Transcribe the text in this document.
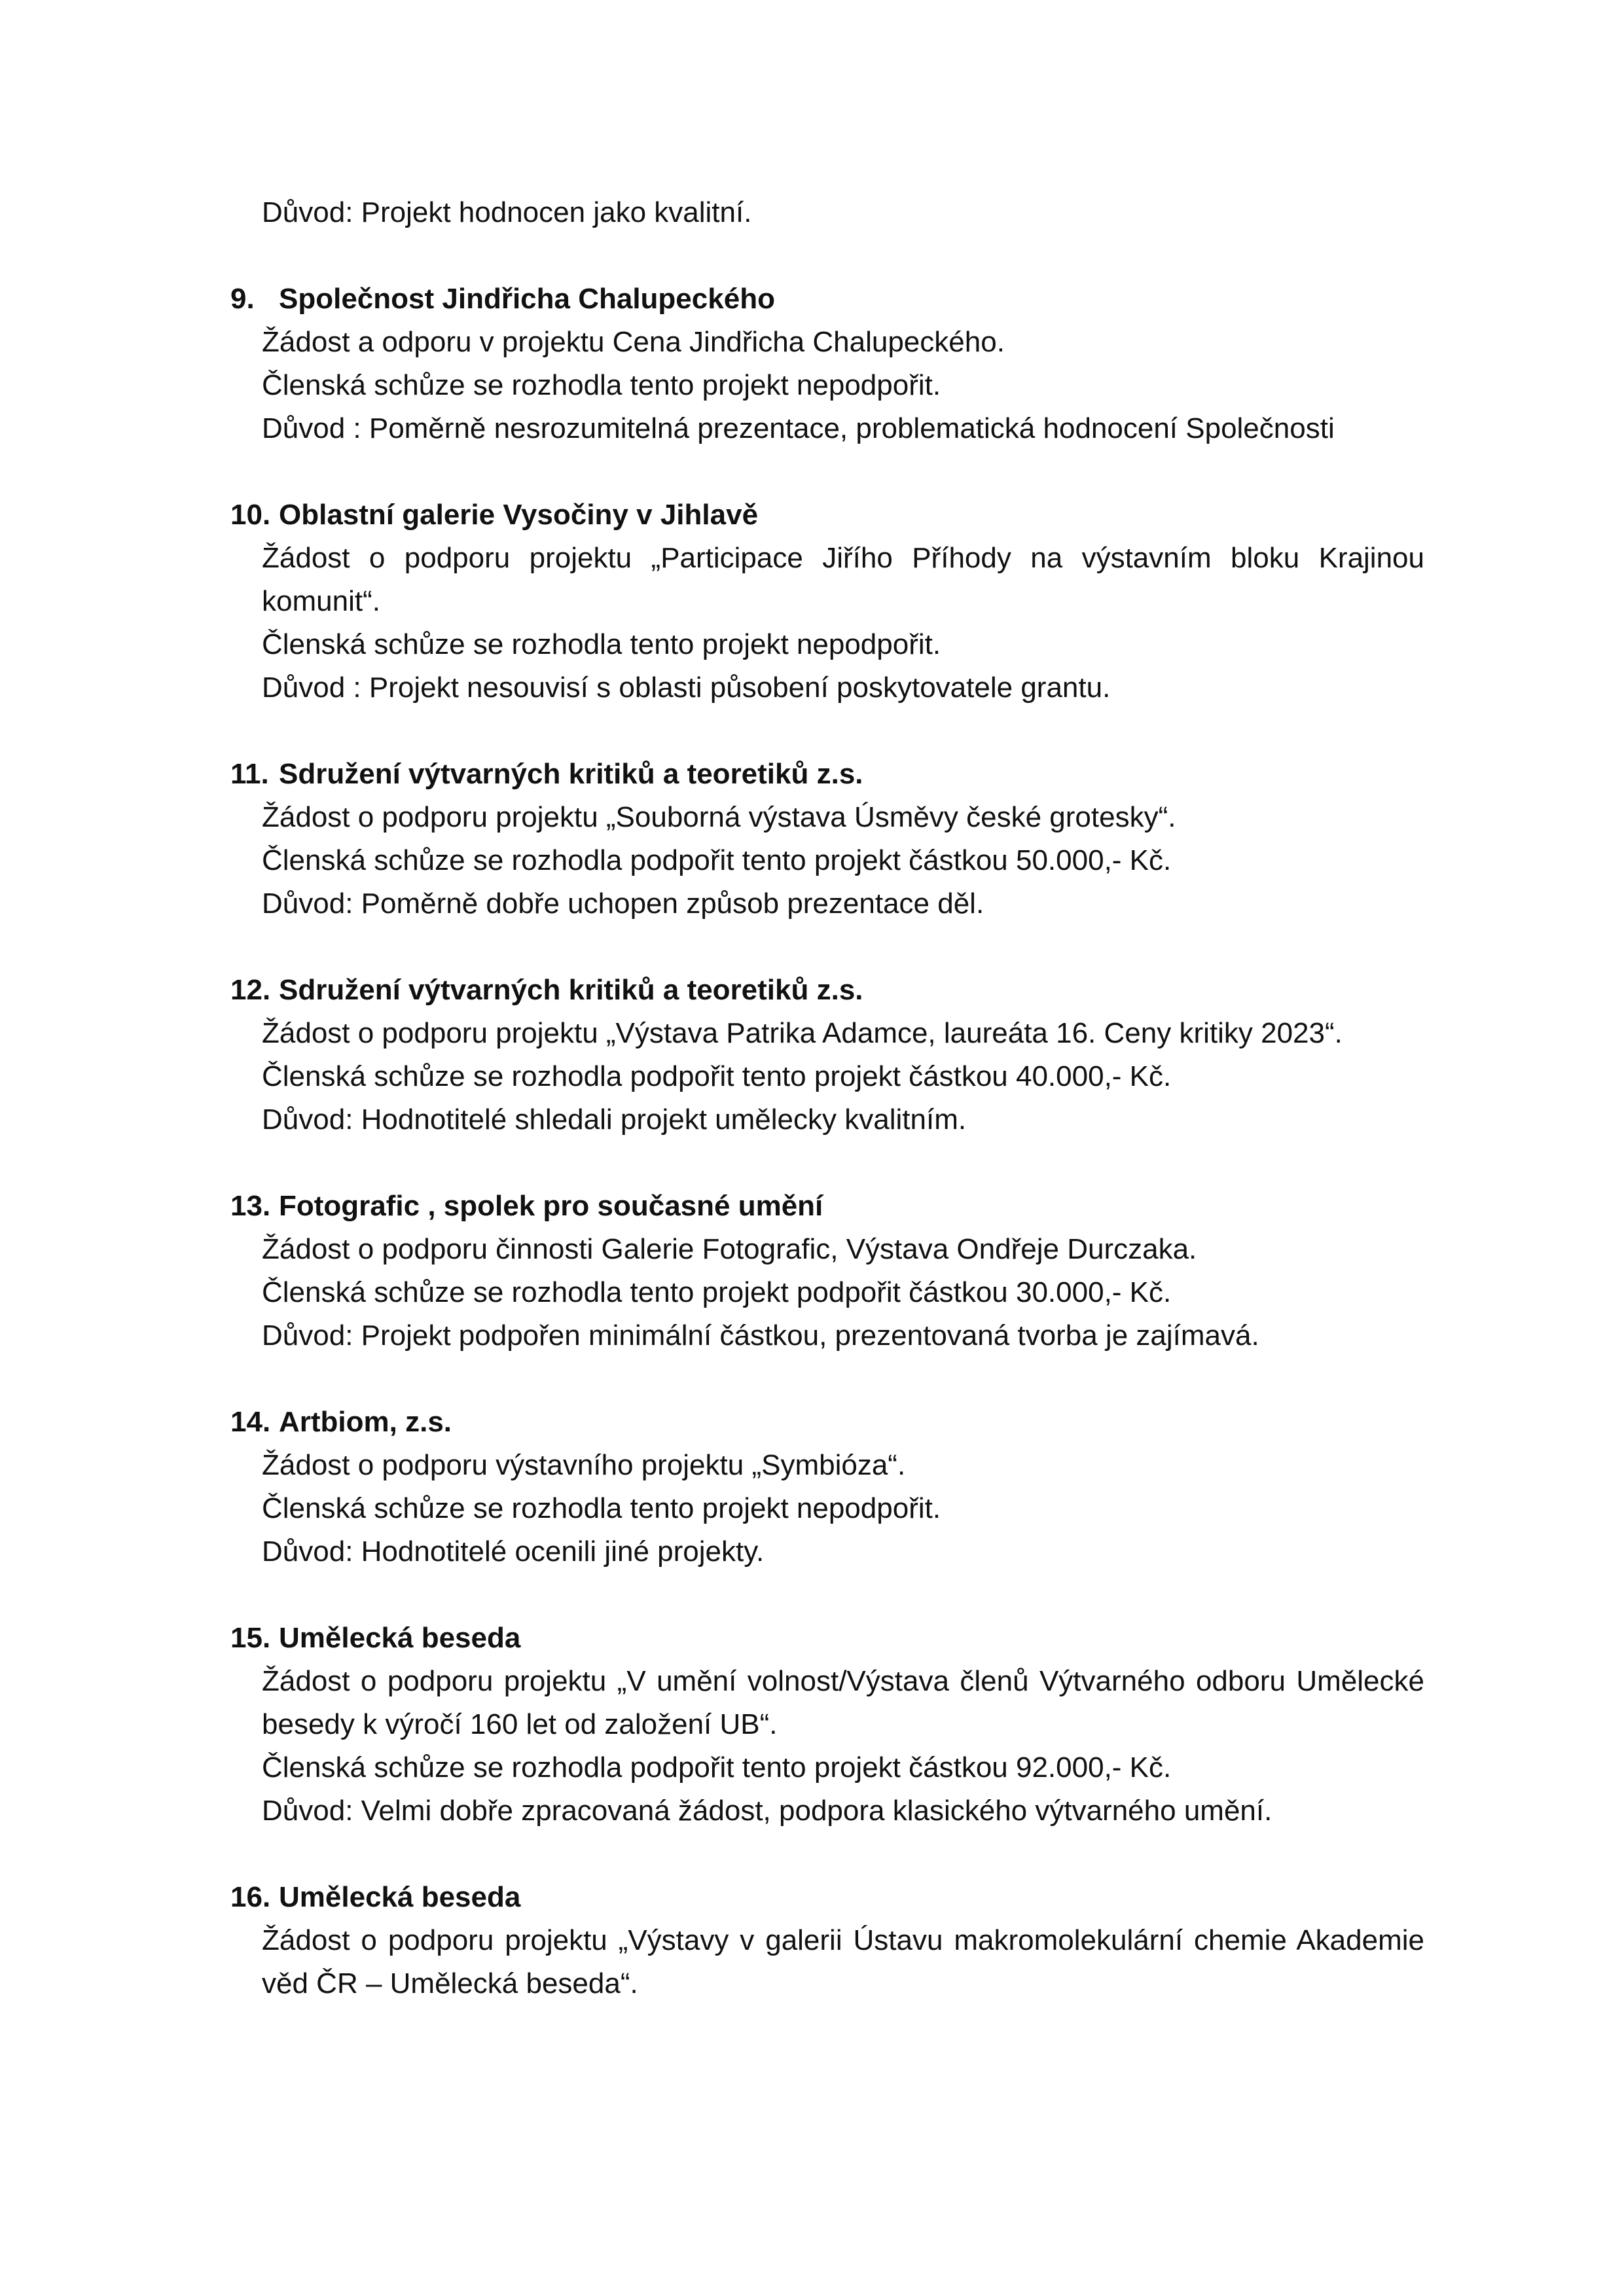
Důvod: Projekt hodnocen jako kvalitní.
9. Společnost Jindřicha Chalupeckého
Žádost a odporu v projektu Cena Jindřicha Chalupeckého.
Členská schůze se rozhodla tento projekt nepodpořit.
Důvod : Poměrně nesrozumitelná prezentace, problematická hodnocení Společnosti
10. Oblastní galerie Vysočiny v Jihlavě
Žádost o podporu projektu „Participace Jiřího Příhody na výstavním bloku Krajinou komunit“.
Členská schůze se rozhodla tento projekt nepodpořit.
Důvod : Projekt nesouvisí s oblasti působení poskytovatele grantu.
11. Sdružení výtvarných kritiků a teoretiků z.s.
Žádost o podporu projektu „Souborná výstava Úsměvy české grotesky“.
Členská schůze se rozhodla podpořit tento projekt částkou 50.000,- Kč.
Důvod: Poměrně dobře uchopen způsob prezentace děl.
12. Sdružení výtvarných kritiků a teoretiků z.s.
Žádost o podporu projektu „Výstava Patrika Adamce, laureáta 16. Ceny kritiky 2023“.
Členská schůze se rozhodla podpořit tento projekt částkou 40.000,- Kč.
Důvod: Hodnotitelé shledali projekt umělecky kvalitním.
13. Fotografic , spolek pro současné umění
Žádost o podporu činnosti Galerie Fotografic, Výstava Ondřeje Durczaka.
Členská schůze se rozhodla tento projekt podpořit částkou 30.000,- Kč.
Důvod: Projekt podpořen minimální částkou, prezentovaná tvorba je zajímavá.
14. Artbiom, z.s.
Žádost o podporu výstavního projektu „Symbióza“.
Členská schůze se rozhodla tento projekt nepodpořit.
Důvod: Hodnotitelé ocenili jiné projekty.
15. Umělecká beseda
Žádost o podporu projektu „V umění volnost/Výstava členů Výtvarného odboru Umělecké besedy k výročí 160 let od založení UB“.
Členská schůze se rozhodla podpořit tento projekt částkou 92.000,- Kč.
Důvod: Velmi dobře zpracovaná žádost, podpora klasického výtvarného umění.
16. Umělecká beseda
Žádost o podporu projektu „Výstavy v galerii Ústavu makromolekulární chemie Akademie věd ČR – Umělecká beseda“.
